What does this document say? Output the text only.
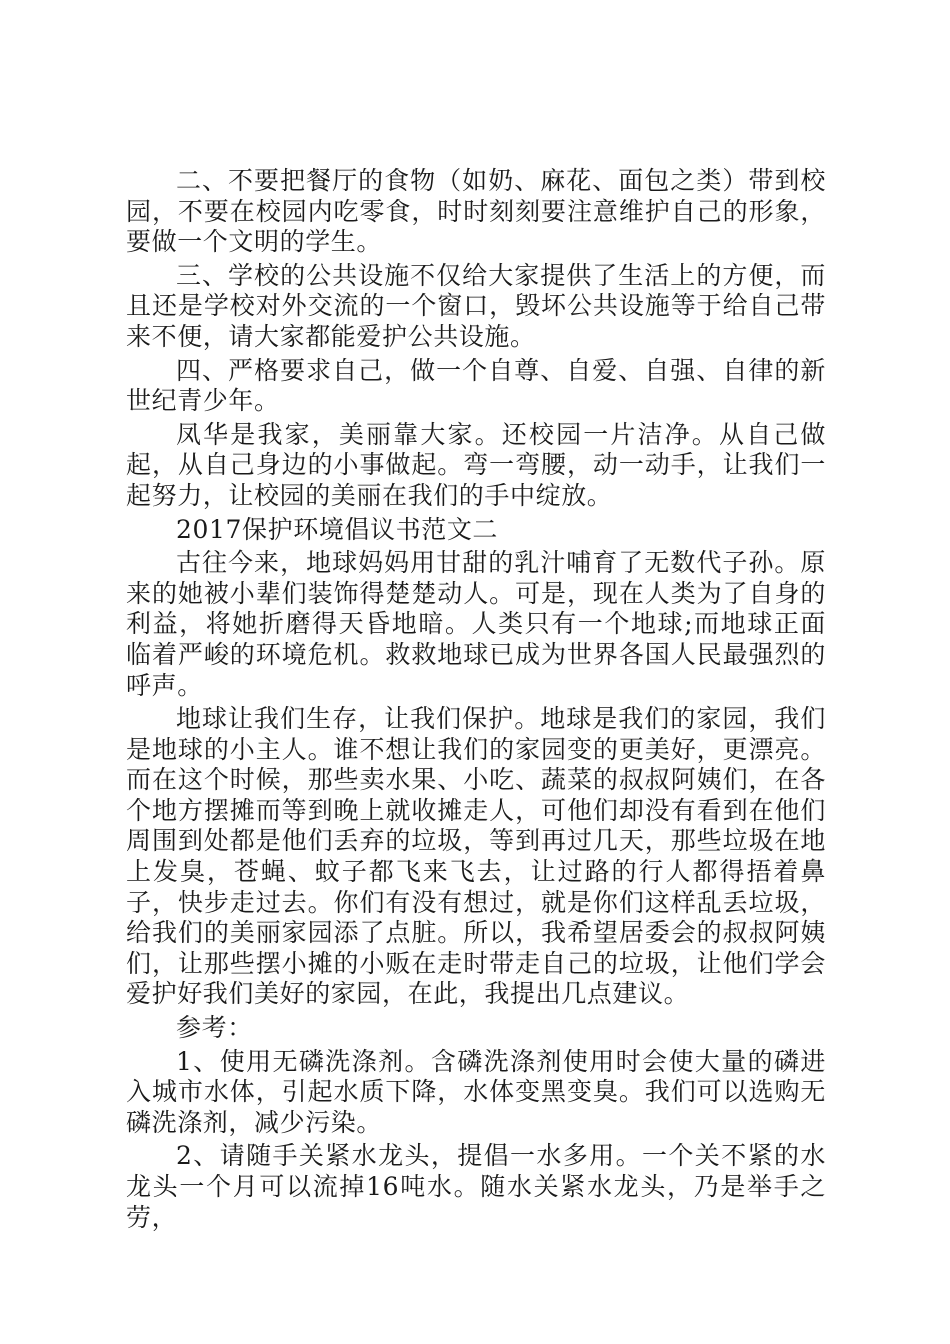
二、不要把餐厅的食物（如奶、麻花、面包之类）带到校园，不要在校园内吃零食，时时刻刻要注意维护自己的形象，要做一个文明的学生。

三、学校的公共设施不仅给大家提供了生活上的方便，而且还是学校对外交流的一个窗口，毁坏公共设施等于给自己带来不便，请大家都能爱护公共设施。

四、严格要求自己，做一个自尊、自爱、自强、自律的新世纪青少年。

凤华是我家，美丽靠大家。还校园一片洁净。从自己做起，从自己身边的小事做起。弯一弯腰，动一动手，让我们一起努力，让校园的美丽在我们的手中绽放。

2017保护环境倡议书范文二

古往今来，地球妈妈用甘甜的乳汁哺育了无数代子孙。原来的她被小辈们装饰得楚楚动人。可是，现在人类为了自身的利益，将她折磨得天昏地暗。人类只有一个地球;而地球正面临着严峻的环境危机。救救地球已成为世界各国人民最强烈的呼声。

地球让我们生存，让我们保护。地球是我们的家园，我们是地球的小主人。谁不想让我们的家园变的更美好，更漂亮。而在这个时候，那些卖水果、小吃、蔬菜的叔叔阿姨们，在各个地方摆摊而等到晚上就收摊走人，可他们却没有看到在他们周围到处都是他们丢弃的垃圾，等到再过几天，那些垃圾在地上发臭，苍蝇、蚊子都飞来飞去，让过路的行人都得捂着鼻子，快步走过去。你们有没有想过，就是你们这样乱丢垃圾，给我们的美丽家园添了点脏。所以，我希望居委会的叔叔阿姨们，让那些摆小摊的小贩在走时带走自己的垃圾，让他们学会爱护好我们美好的家园，在此，我提出几点建议。

参考：

1、使用无磷洗涤剂。含磷洗涤剂使用时会使大量的磷进入城市水体，引起水质下降，水体变黑变臭。我们可以选购无磷洗涤剂，减少污染。

2、请随手关紧水龙头，提倡一水多用。一个关不紧的水龙头一个月可以流掉16吨水。随水关紧水龙头，乃是举手之劳，
